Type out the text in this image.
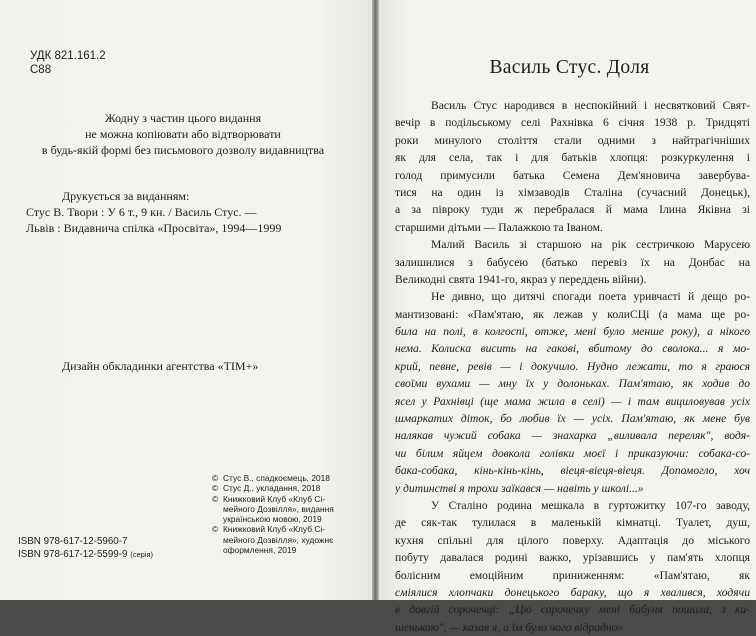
УДК 821.161.2
С88
Жодну з частин цього видання
не можна копіювати або відтворювати
в будь-якій формі без письмового дозволу видавництва
Друкується за виданням:
Стус В. Твори : У 6 т., 9 кн. / Василь Стус. —
Львів : Видавнича спілка «Просвіта», 1994—1999
Дизайн обкладинки агентства «ТІМ+»
© Стус В., спадкоємець, 2018
© Стус Д., укладання, 2018
© Книжковий Клуб «Клуб Сі-
мейного Дозвілля», видання
українською мовою, 2019
© Книжковий Клуб «Клуб Сі-
мейного Дозвілля», художнє
оформлення, 2019
ISBN 978-617-12-5960-7
ISBN 978-617-12-5599-9 (серія)
Василь Стус. Доля
Василь Стус народився в неспокійний і несвятковий Свят-
вечір в подільському селі Рахнівка 6 січня 1938 р. Тридцяті
роки минулого століття стали одними з найтрагічніших
як для села, так і для батьків хлопця: розкуркулення і
голод примусили батька Семена Дем'яновича завербува-
тися на один із хімзаводів Сталіна (сучасний Донецьк),
а за півроку туди ж перебралася й мама Ілина Яківна зі
старшими дітьми — Палажкою та Іваном.
Малий Василь зі старшою на рік сестричкою Марусею
залишилися з бабусею (батько перевіз їх на Донбас на
Великодні свята 1941-го, якраз у переддень війни).
Не дивно, що дитячі спогади поета уривчасті й дещо ро-
мантизовані: «Пам'ятаю, як лежав у колиСЦі (а мама ще ро-
била на полі, в колгоспі, отже, мені було менше року), а нікого
нема. Колиска висить на гакові, вбитому до сволока... я мо-
крий, певне, ревів — і докучило. Нудно лежати, то я граюся
своїми вухами — мну їх у долоньках. Пам'ятаю, як ходив до
ясел у Рахнівці (ще мама жила в селі) — і там вициловував усіх
шмаркатих діток, бо любив їх — усіх. Пам'ятаю, як мене був
налякав чужий собака — знахарка „виливала переляк", водя-
чи білим яйцем довкола голівки моєї і приказуючи: собака-со-
бака-собака, кінь-кінь-кінь, віеця-віеця-віеця. Допомогло, хоч
у дитинстві я трохи заїкався — навіть у школі...»
У Сталіно родина мешкала в гуртожитку 107-го заводу,
де сяк-так тулилася в маленькій кімнатці. Туалет, душ,
кухня спільні для цілого поверху. Адаптація до міського
побуту давалася родині важко, урізавшись у пам'ять хлопця
болісним емоційним приниженням: «Пам'ятаю, як
сміялися хлопчаки донецького бараку, що я хвалився, ходячи
в довгій сорочечці: „Цю сорочечку мені бабуня пошила, з ки-
шенькою", — казав я, а їм було чого відрадно»
